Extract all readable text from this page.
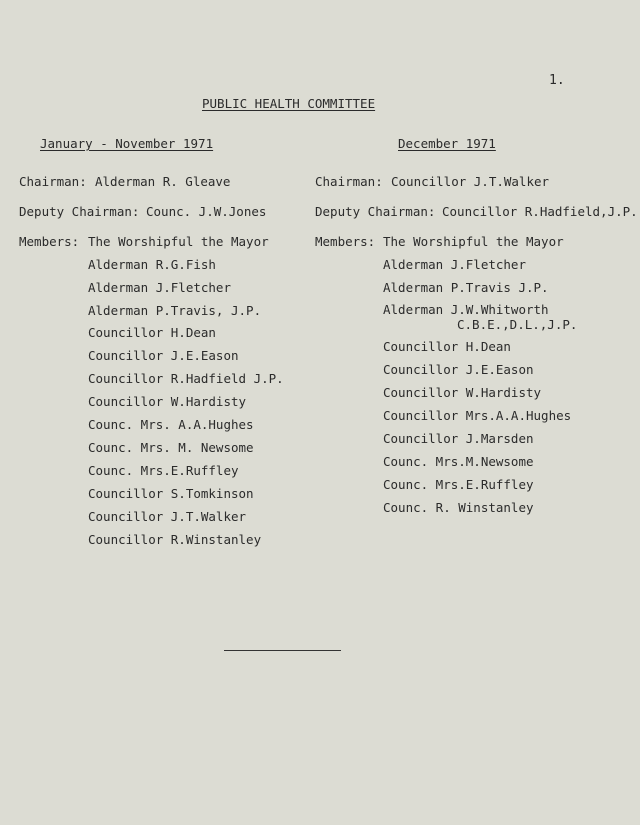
1.
PUBLIC HEALTH COMMITTEE
January - November 1971	December 1971
Chairman: Alderman R. Gleave
Deputy Chairman: Counc. J.W.Jones
Members: The Worshipful the Mayor
Alderman R.G.Fish
Alderman J.Fletcher
Alderman P.Travis, J.P.
Councillor H.Dean
Councillor J.E.Eason
Councillor R.Hadfield J.P.
Councillor W.Hardisty
Counc. Mrs. A.A.Hughes
Counc. Mrs. M. Newsome
Counc. Mrs.E.Ruffley
Councillor S.Tomkinson
Councillor J.T.Walker
Councillor R.Winstanley
Chairman: Councillor J.T.Walker
Deputy Chairman: Councillor R.Hadfield,J.P.
Members: The Worshipful the Mayor
Alderman J.Fletcher
Alderman P.Travis J.P.
Alderman J.W.Whitworth
C.B.E.,D.L.,J.P.
Councillor H.Dean
Councillor J.E.Eason
Councillor W.Hardisty
Councillor Mrs.A.A.Hughes
Councillor J.Marsden
Counc. Mrs.M.Newsome
Counc. Mrs.E.Ruffley
Counc. R. Winstanley
